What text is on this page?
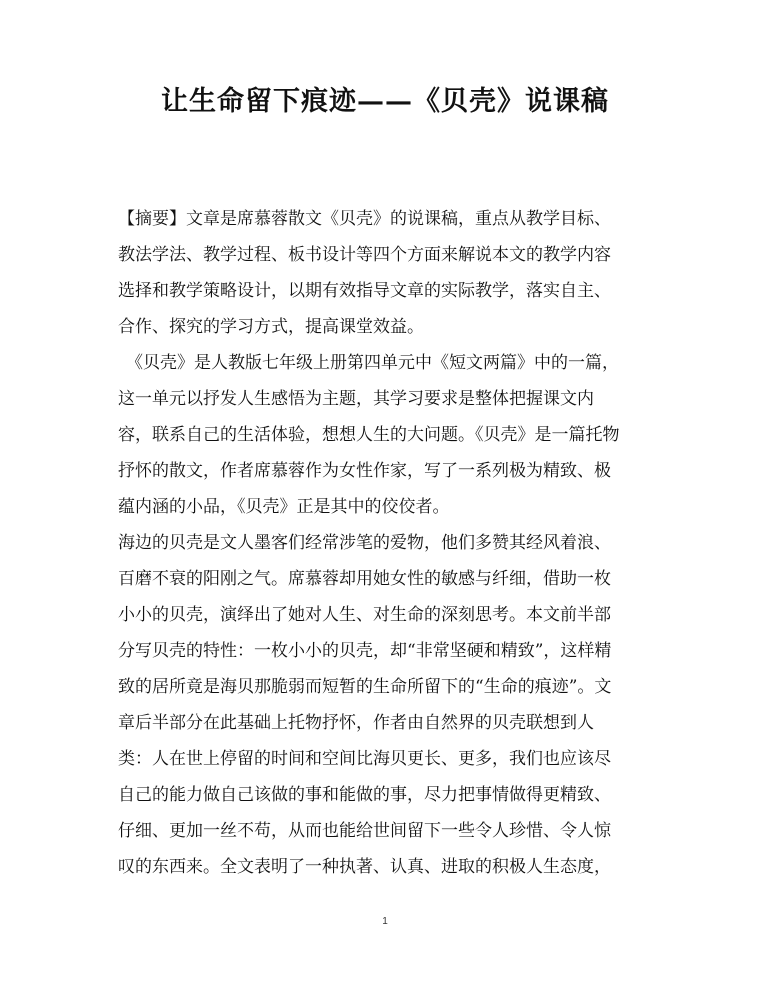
让生命留下痕迹——《贝壳》说课稿

【摘要】文章是席慕蓉散文《贝壳》的说课稿，重点从教学目标、

教法学法、教学过程、板书设计等四个方面来解说本文的教学内容

选择和教学策略设计，以期有效指导文章的实际教学，落实自主、

合作、探究的学习方式，提高课堂效益。

《贝壳》是人教版七年级上册第四单元中《短文两篇》中的一篇，

这一单元以抒发人生感悟为主题，其学习要求是整体把握课文内

容，联系自己的生活体验，想想人生的大问题。《贝壳》是一篇托物

抒怀的散文，作者席慕蓉作为女性作家，写了一系列极为精致、极

蕴内涵的小品，《贝壳》正是其中的佼佼者。

海边的贝壳是文人墨客们经常涉笔的爱物，他们多赞其经风着浪、

百磨不衰的阳刚之气。席慕蓉却用她女性的敏感与纤细，借助一枚

小小的贝壳，演绎出了她对人生、对生命的深刻思考。本文前半部

分写贝壳的特性：一枚小小的贝壳，却“非常坚硬和精致”，这样精

致的居所竟是海贝那脆弱而短暂的生命所留下的“生命的痕迹”。文

章后半部分在此基础上托物抒怀，作者由自然界的贝壳联想到人

类：人在世上停留的时间和空间比海贝更长、更多，我们也应该尽

自己的能力做自己该做的事和能做的事，尽力把事情做得更精致、

仔细、更加一丝不苟，从而也能给世间留下一些令人珍惜、令人惊

叹的东西来。全文表明了一种执著、认真、进取的积极人生态度，

1
